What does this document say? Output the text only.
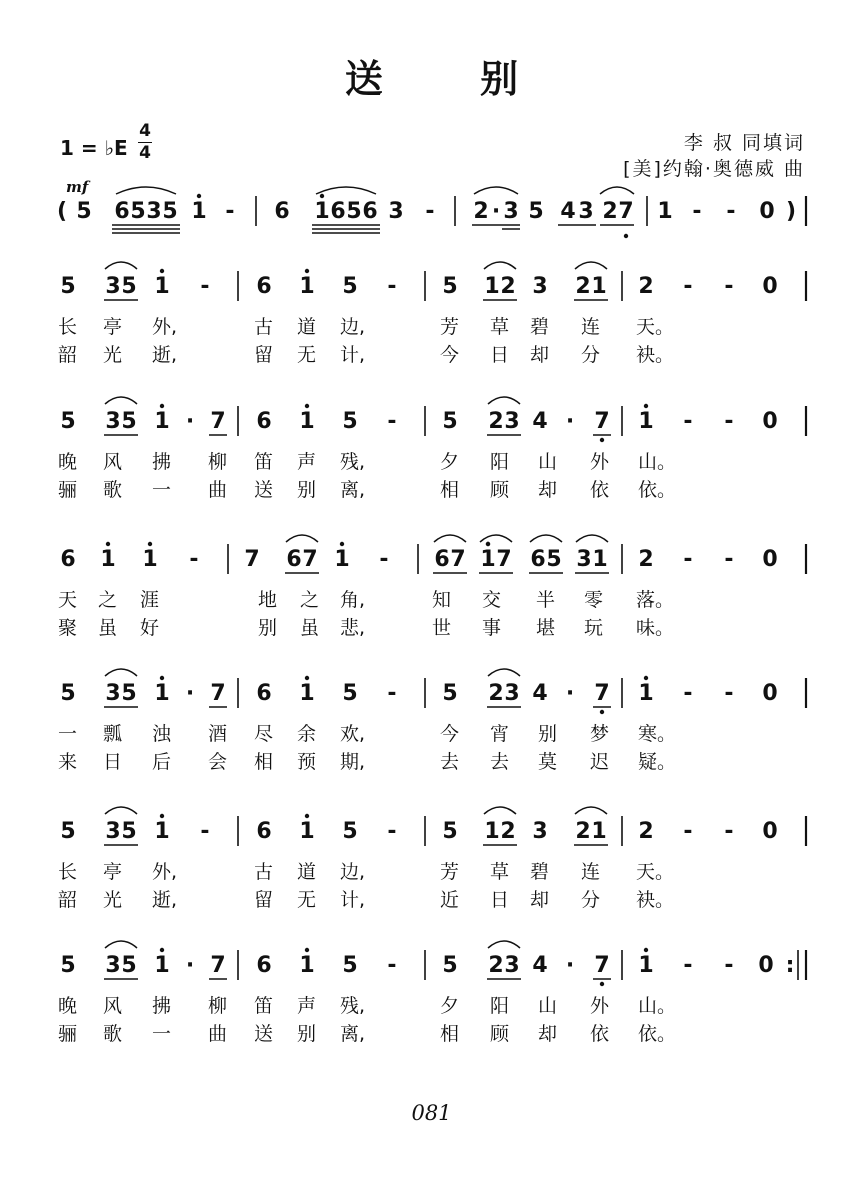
送 别
李 叔 同填词
[美]约翰·奥德威 曲
1 = ♭E
4
4
mf
( 5 6 5 3 5 1 - 6 1 6 5 6 3 - 2 · 3 5 4 3 2 7 1 - - 0 )
5 3 5 1 - 6 1 5 - 5 1 2 3 2 1 2 - - 0
长 亭 外,	古 道 边,	芳 草 碧 连 天。
韶 光 逝,	留 无 计,	今 日 却 分 袂。
5 3 5 1 · 7 6 1 5 - 5 2 3 4 · 7 1 - - 0
晚 风 拂 柳 笛 声 残,	夕 阳 山 外 山。
骊 歌 一 曲 送 别 离,	相 顾 却 依 依。
6 1 1 - 7 6 7 1 - 6 7 1 7 6 5 3 1 2 - - 0
天 之 涯	地 之 角,	知 交 半 零 落。
聚 虽 好	别 虽 悲,	世 事 堪 玩 味。
5 3 5 1 · 7 6 1 5 - 5 2 3 4 · 7 1 - - 0
一 瓢 浊 酒 尽 余 欢,	今 宵 别 梦 寒。
来 日 后 会 相 预 期,	去 去 莫 迟 疑。
5 3 5 1 - 6 1 5 - 5 1 2 3 2 1 2 - - 0
长 亭 外,	古 道 边,	芳 草 碧 连 天。
韶 光 逝,	留 无 计,	近 日 却 分 袂。
5 3 5 1 · 7 6 1 5 - 5 2 3 4 · 7 1 - - 0 :
晚 风 拂 柳 笛 声 残,	夕 阳 山 外 山。
骊 歌 一 曲 送 别 离,	相 顾 却 依 依。
081
